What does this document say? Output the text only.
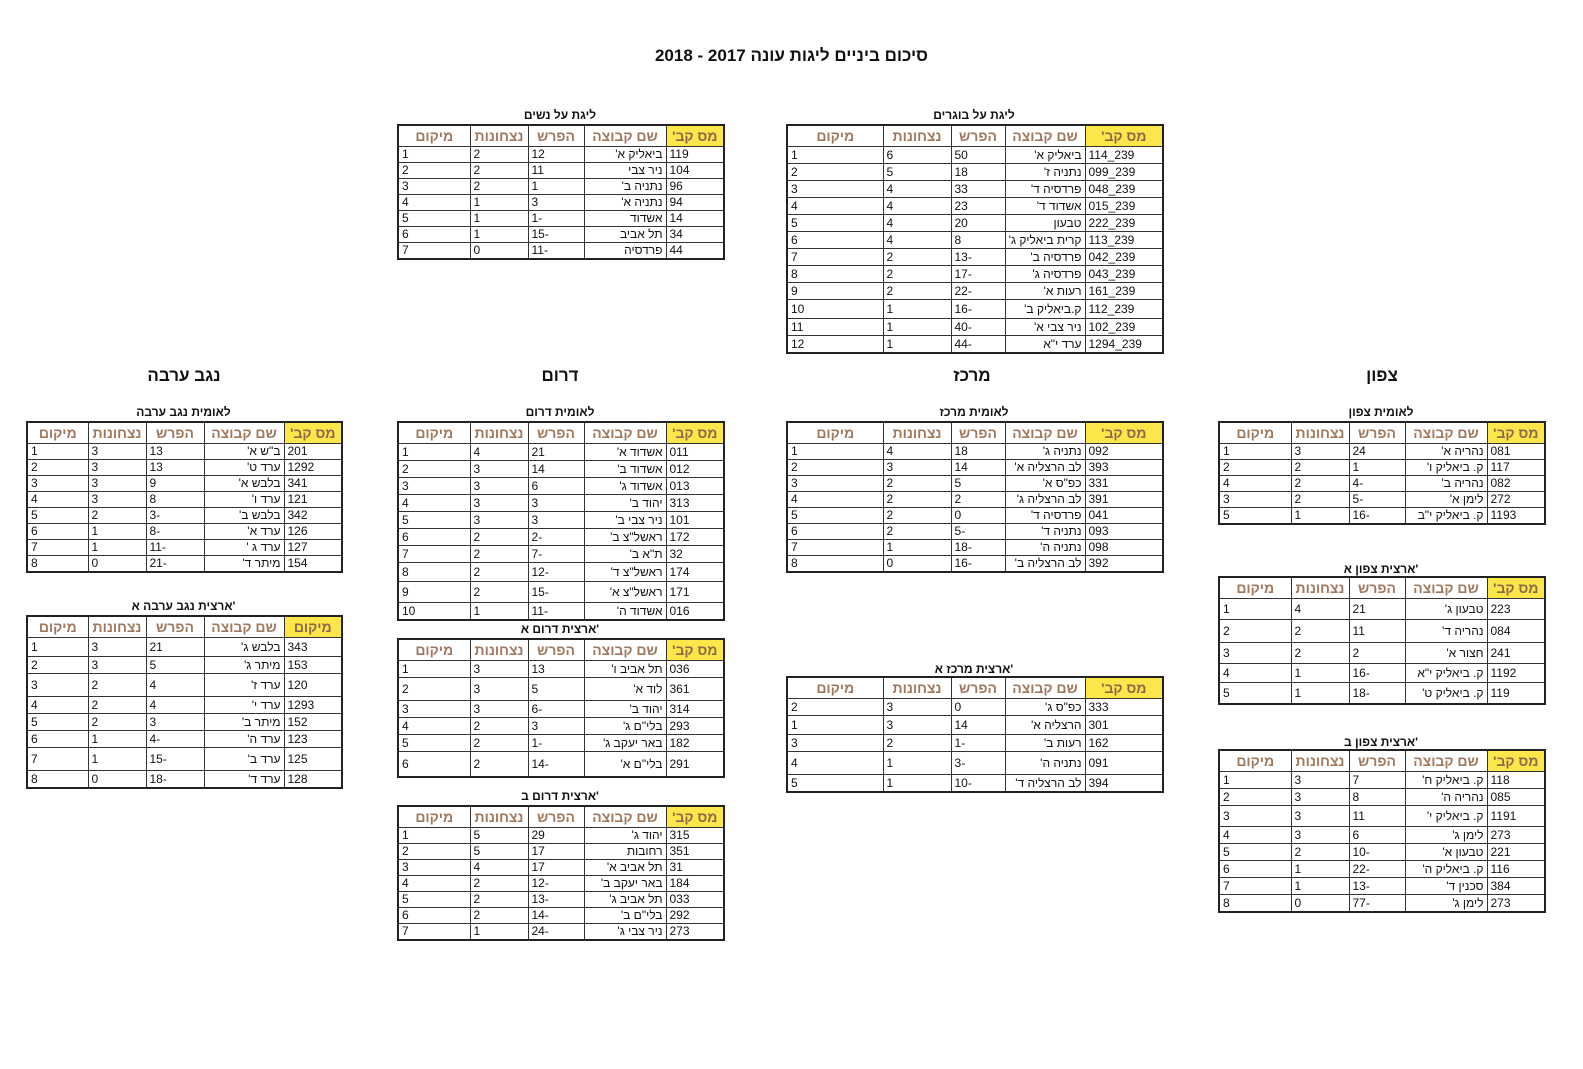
סיכום ביניים ליגות עונה 2017 - 2018
צפון
מרכז
דרום
נגב ערבה
ליגת על בוגרים
מס קב'	שם קבוצה	הפרש	נצחונות	מיקום
239_114	ביאליק א'	50	6	1
239_099	נתניה ז'	18	5	2
239_048	פרדסיה ד'	33	4	3
239_015	אשדוד ד'	23	4	4
239_222	טבעון	20	4	5
239_113	קרית ביאליק ג'	8	4	6
239_042	פרדסיה ב'	-13	2	7
239_043	פרדסיה ג'	-17	2	8
239_161	רעות א'	-22	2	9
239_112	ק.ביאליק ב'	-16	1	10
239_102	ניר צבי א'	-40	1	11
239_1294	ערד י"א	-44	1	12
ליגת על נשים
מס קב'	שם קבוצה	הפרש	נצחונות	מיקום
119	ביאליק א'	12	2	1
104	ניר צבי	11	2	2
96	נתניה ב'	1	2	3
94	נתניה א'	3	1	4
14	אשדוד	-1	1	5
34	תל אביב	-15	1	6
44	פרדסיה	-11	0	7
לאומית צפון
מס קב'	שם קבוצה	הפרש	נצחונות	מיקום
081	נהריה א'	24	3	1
117	ק. ביאליק ו'	1	2	2
082	נהריה ב'	-4	2	4
272	לימן א'	-5	2	3
1193	ק. ביאליק י"ב	-16	1	5
ארצית צפון א'
מס קב'	שם קבוצה	הפרש	נצחונות	מיקום
223	טבעון ג'	21	4	1
084	נהריה ד'	11	2	2
241	חצור א'	2	2	3
1192	ק. ביאליק י"א	-16	1	4
119	ק. ביאליק ט'	-18	1	5
ארצית צפון ב'
מס קב'	שם קבוצה	הפרש	נצחונות	מיקום
118	ק. ביאליק ח'	7	3	1
085	נהריה ה'	8	3	2
1191	ק. ביאליק י'	11	3	3
273	לימן ג'	6	3	4
221	טבעון א'	-10	2	5
116	ק. ביאליק ה'	-22	1	6
384	סכנין ד'	-13	1	7
273	לימן ג'	-77	0	8
לאומית מרכז
מס קב'	שם קבוצה	הפרש	נצחונות	מיקום
092	נתניה ג'	18	4	1
393	לב הרצליה א'	14	3	2
331	כפ"ס א'	5	2	3
391	לב הרצליה ג'	2	2	4
041	פרדסיה ד'	0	2	5
093	נתניה ד'	-5	2	6
098	נתניה ה'	-18	1	7
392	לב הרצליה ב'	-16	0	8
ארצית מרכז א'
מס קב'	שם קבוצה	הפרש	נצחונות	מיקום
333	כפ"ס ג'	0	3	2
301	הרצליה א'	14	3	1
162	רעות ב'	-1	2	3
091	נתניה ה'	-3	1	4
394	לב הרצליה ד'	-10	1	5
לאומית דרום
מס קב'	שם קבוצה	הפרש	נצחונות	מיקום
011	אשדוד א'	21	4	1
012	אשדוד ב'	14	3	2
013	אשדוד ג'	6	3	3
313	יהוד ב'	3	3	4
101	ניר צבי ב'	3	3	5
172	ראשל"צ ב'	-2	2	6
32	ת"א ב'	-7	2	7
174	ראשל"צ ד'	-12	2	8
171	ראשל"צ א'	-15	2	9
016	אשדוד ה'	-11	1	10
ארצית דרום א'
מס קב'	שם קבוצה	הפרש	נצחונות	מיקום
036	תל אביב ו'	13	3	1
361	לוד א'	5	3	2
314	יהוד ב'	-6	3	3
293	בלי"ם ג'	3	2	4
182	באר יעקב ג'	-1	2	5
291	בלי"ם א'	-14	2	6
ארצית דרום ב'
מס קב'	שם קבוצה	הפרש	נצחונות	מיקום
315	יהוד ג'	29	5	1
351	רחובות	17	5	2
31	תל אביב א'	17	4	3
184	באר יעקב ב'	-12	2	4
033	תל אביב ג'	-13	2	5
292	בלי"ם ב'	-14	2	6
273	ניר צבי ג'	-24	1	7
לאומית נגב ערבה
מס קב'	שם קבוצה	הפרש	נצחונות	מיקום
201	ב"ש א'	13	3	1
1292	ערד ט'	13	3	2
341	בלבש א'	9	3	3
121	ערד ו'	8	3	4
342	בלבש ב'	-3	2	5
126	ערד א'	-8	1	6
127	ערד ג '	-11	1	7
154	מיתר ד'	-21	0	8
ארצית נגב ערבה א'
מיקום	שם קבוצה	הפרש	נצחונות	מיקום
343	בלבש ג'	21	3	1
153	מיתר ג'	5	3	2
120	ערד ז'	4	2	3
1293	ערד י'	4	2	4
152	מיתר ב'	3	2	5
123	ערד ה'	-4	1	6
125	ערד ב'	-15	1	7
128	ערד ד'	-18	0	8
